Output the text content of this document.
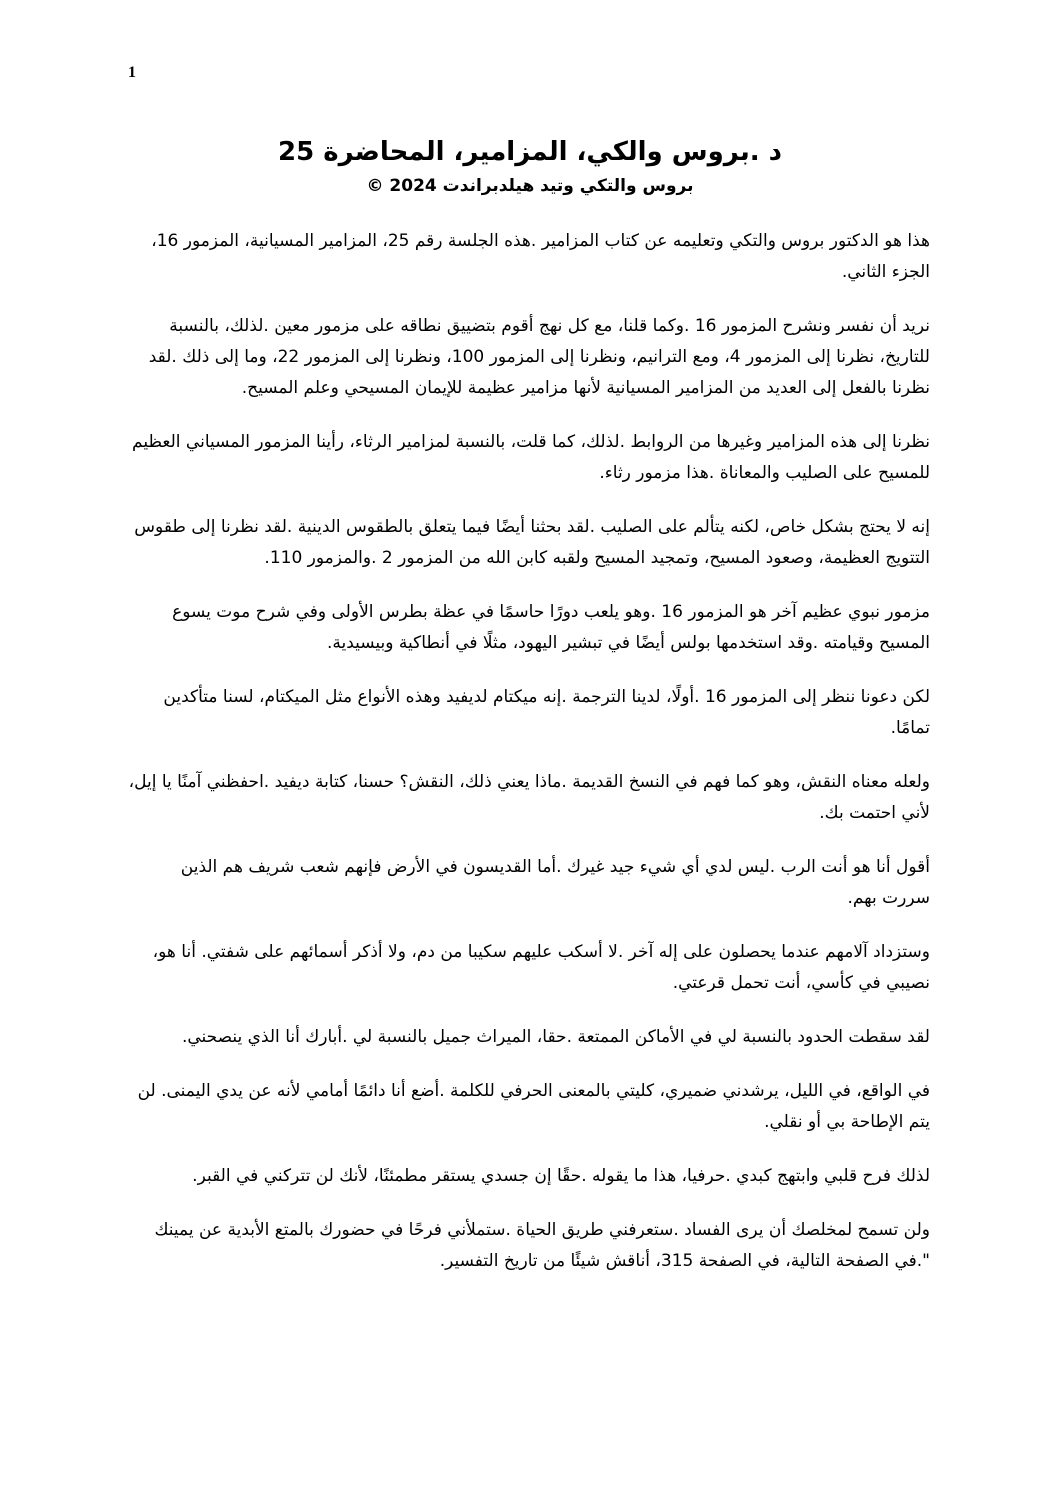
1

د .بروس والكي، المزامير، المحاضرة 25

بروس والتكي وتيد هيلدبراندت 2024 ©

هذا هو الدكتور بروس والتكي وتعليمه عن كتاب المزامير .هذه الجلسة رقم 25، المزامير المسيانية، المزمور 16، الجزء الثاني.

نريد أن نفسر ونشرح المزمور 16 .وكما قلنا، مع كل نهج أقوم بتضييق نطاقه على مزمور معين .لذلك، بالنسبة للتاريخ، نظرنا إلى المزمور 4، ومع الترانيم، ونظرنا إلى المزمور 100، ونظرنا إلى المزمور 22، وما إلى ذلك .لقد نظرنا بالفعل إلى العديد من المزامير المسيانية لأنها مزامير عظيمة للإيمان المسيحي وعلم المسيح.

نظرنا إلى هذه المزامير وغيرها من الروابط .لذلك، كما قلت، بالنسبة لمزامير الرثاء، رأينا المزمور المسياني العظيم للمسيح على الصليب والمعاناة .هذا مزمور رثاء.

إنه لا يحتج بشكل خاص، لكنه يتألم على الصليب .لقد بحثنا أيضًا فيما يتعلق بالطقوس الدينية .لقد نظرنا إلى طقوس التتويج العظيمة، وصعود المسيح، وتمجيد المسيح ولقبه كابن الله من المزمور 2 .والمزمور 110.

مزمور نبوي عظيم آخر هو المزمور 16 .وهو يلعب دورًا حاسمًا في عظة بطرس الأولى وفي شرح موت يسوع المسيح وقيامته .وقد استخدمها بولس أيضًا في تبشير اليهود، مثلًا في أنطاكية وبيسيدية.

لكن دعونا ننظر إلى المزمور 16 .أولًا، لدينا الترجمة .إنه ميكتام لديفيد وهذه الأنواع مثل الميكتام، لسنا متأكدين تمامًا.

ولعله معناه النقش، وهو كما فهم في النسخ القديمة .ماذا يعني ذلك، النقش؟ حسنا، كتابة ديفيد .احفظني آمنًا يا إيل، لأني احتمت بك.

أقول أنا هو أنت الرب .ليس لدي أي شيء جيد غيرك .أما القديسون في الأرض فإنهم شعب شريف هم الذين سررت بهم.

وستزداد آلامهم عندما يحصلون على إله آخر .لا أسكب عليهم سكيبا من دم، ولا أذكر أسمائهم على شفتي. أنا هو، نصيبي في كأسي، أنت تحمل قرعتي.

لقد سقطت الحدود بالنسبة لي في الأماكن الممتعة .حقا، الميراث جميل بالنسبة لي .أبارك أنا الذي ينصحني.

في الواقع، في الليل، يرشدني ضميري، كليتي بالمعنى الحرفي للكلمة .أضع أنا دائمًا أمامي لأنه عن يدي اليمنى. لن يتم الإطاحة بي أو نقلي.

لذلك فرح قلبي وابتهج كبدي .حرفيا، هذا ما يقوله .حقًا إن جسدي يستقر مطمئنًا، لأنك لن تتركني في القبر.

ولن تسمح لمخلصك أن يرى الفساد .ستعرفني طريق الحياة .ستملأني فرحًا في حضورك بالمتع الأبدية عن يمينك ".في الصفحة التالية، في الصفحة 315، أناقش شيئًا من تاريخ التفسير.
